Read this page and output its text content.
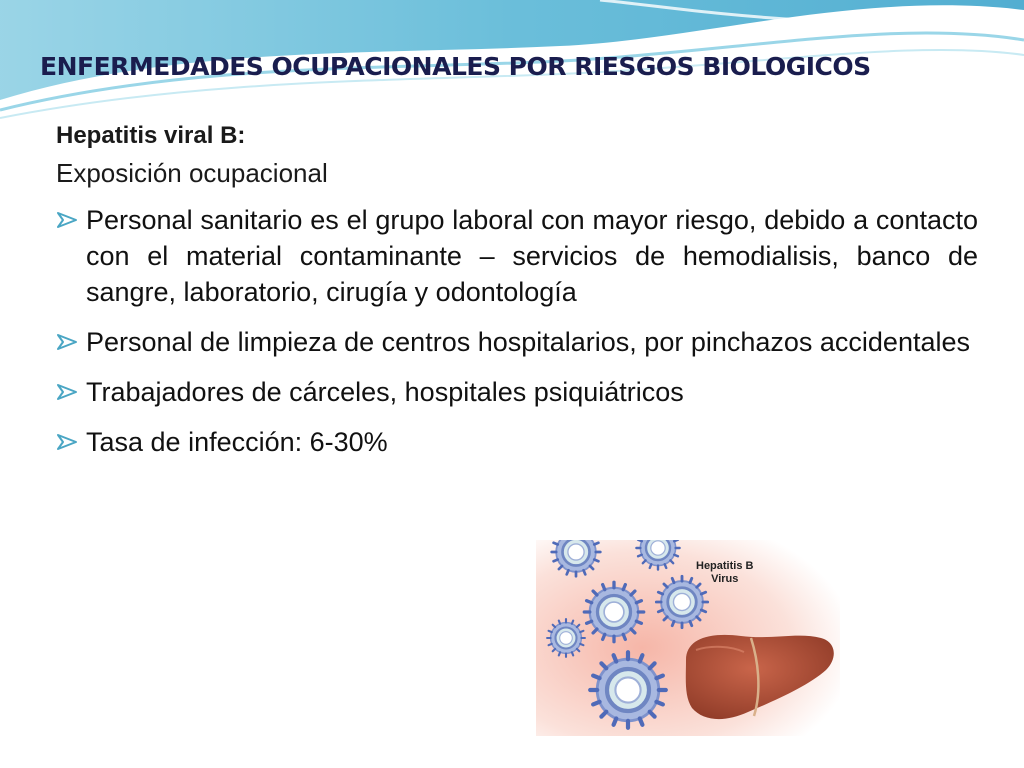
ENFERMEDADES OCUPACIONALES POR RIESGOS BIOLOGICOS
Hepatitis viral B:
Exposición ocupacional
Personal sanitario es el grupo laboral con mayor riesgo, debido a contacto con el material contaminante – servicios de hemodialisis, banco de sangre, laboratorio, cirugía y odontología
Personal de limpieza de centros hospitalarios, por pinchazos accidentales
Trabajadores de cárceles, hospitales psiquiátricos
Tasa de infección: 6-30%
Hepatitis B
Virus
